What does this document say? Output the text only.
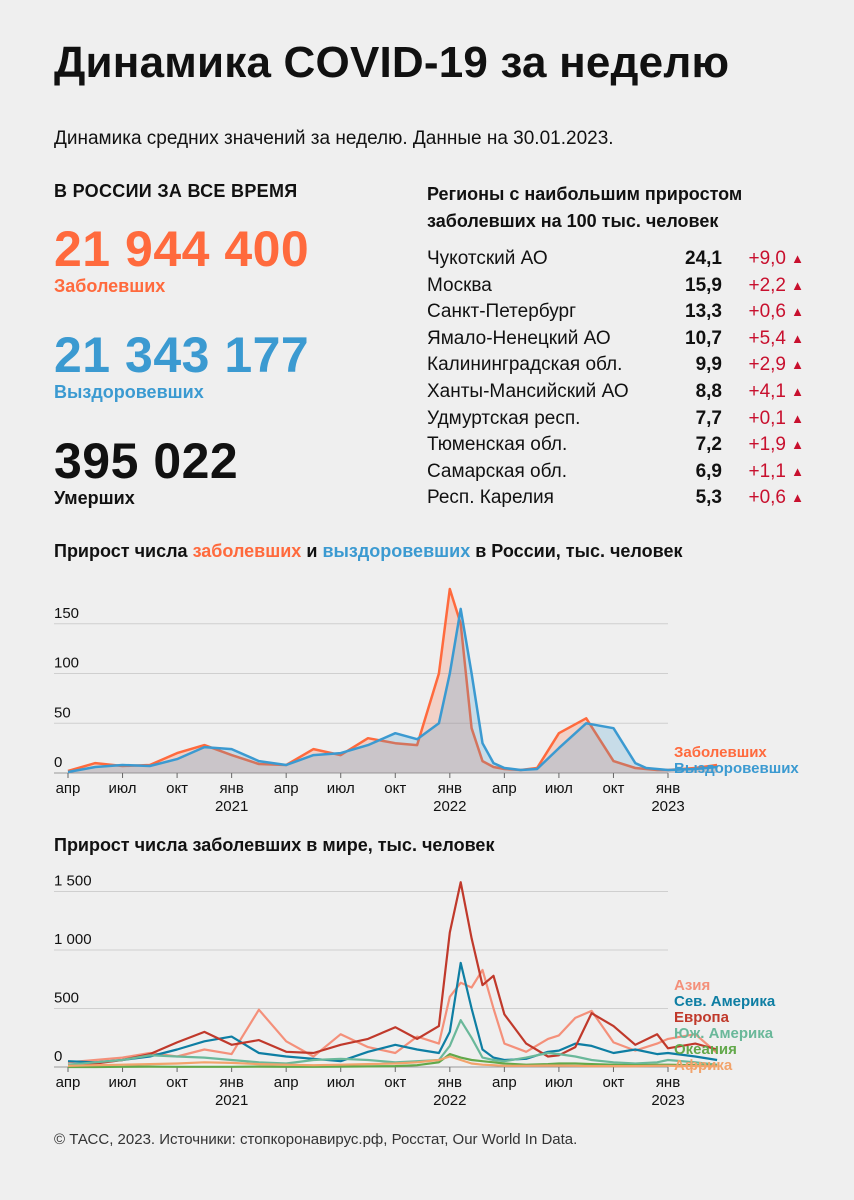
Динамика COVID-19 за неделю
Динамика средних значений за неделю. Данные на 30.01.2023.
В РОССИИ ЗА ВСЕ ВРЕМЯ
21 944 400
Заболевших
21 343 177
Выздоровевших
395 022
Умерших
Регионы с наибольшим приростом заболевших на 100 тыс. человек
Чукотский АО	24,1 +9,0 ▲
Москва	15,9 +2,2 ▲
Санкт-Петербург	13,3 +0,6 ▲
Ямало-Ненецкий АО	10,7 +5,4 ▲
Калининградская обл.	9,9 +2,9 ▲
Ханты-Мансийский АО	8,8 +4,1 ▲
Удмуртская респ.	7,7 +0,1 ▲
Тюменская обл.	7,2 +1,9 ▲
Самарская обл.	6,9 +1,1 ▲
Респ. Карелия	5,3 +0,6 ▲
Прирост числа заболевших и выздоровевших в России, тыс. человек
0
50
100
150
апр июл окт янв апр июл окт янв апр июл окт янв
2021	2022	2023
Заболевших
Выздоровевших
Прирост числа заболевших в мире, тыс. человек
0
500
1 000
1 500
апр июл окт янв апр июл окт янв апр июл окт янв
2021	2022	2023
Азия
Сев. Америка
Европа
Юж. Америка
Океания
Африка
© ТАСС, 2023. Источники: стопкоронавирус.рф, Росстат, Our World In Data.
